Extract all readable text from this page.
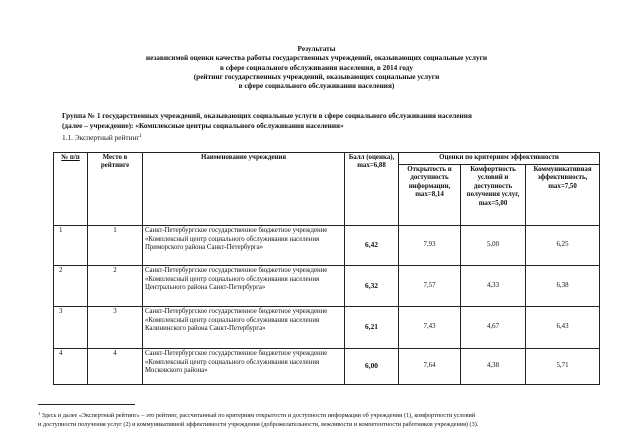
Результаты
независимой оценки качества работы государственных учреждений, оказывающих социальные услуги
в сфере социального обслуживания населения, в 2014 году
(рейтинг государственных учреждений, оказывающих социальные услуги
в сфере социального обслуживания населения)
Группа № 1 государственных учреждений, оказывающих социальные услуги в сфере социального обслуживания населения
(далее – учреждение): «Комплексные центры социального обслуживания населения»
1.1. Экспертный рейтинг$^1$
№ п/п	Место в рейтинге	Наименование учреждения	Балл (оценка), max=6,88	Оценки по критериям эффективности		
				Открытость и доступность информации, max=8,14	Комфортность условий и доступность получения услуг, max=5,00	Коммуникативная эффективность, max=7,50
1	1	Санкт-Петербургское государственное бюджетное учреждение «Комплексный центр социального обслуживания населения Приморского района Санкт-Петербурга»	6,42	7,93	5,00	6,25
2	2	Санкт-Петербургское государственное бюджетное учреждение «Комплексный центр социального обслуживания населения Центрального района Санкт-Петербурга»	6,32	7,57	4,33	6,38
3	3	Санкт-Петербургское государственное бюджетное учреждение «Комплексный центр социального обслуживания населения Калининского района Санкт-Петербурга»	6,21	7,43	4,67	6,43
4	4	Санкт-Петербургское государственное бюджетное учреждение «Комплексный центр социального обслуживания населения Московского района»	6,00	7,64	4,38	5,71
$^1$ Здесь и далее «Экспертный рейтинг» – это рейтинг, рассчитанный по критериям открытости и доступности информации об учреждении (1), комфортности условий
и доступности получения услуг (2) и коммуникативной эффективности учреждения (доброжелательности, вежливости и компетентности работников учреждения) (3).
